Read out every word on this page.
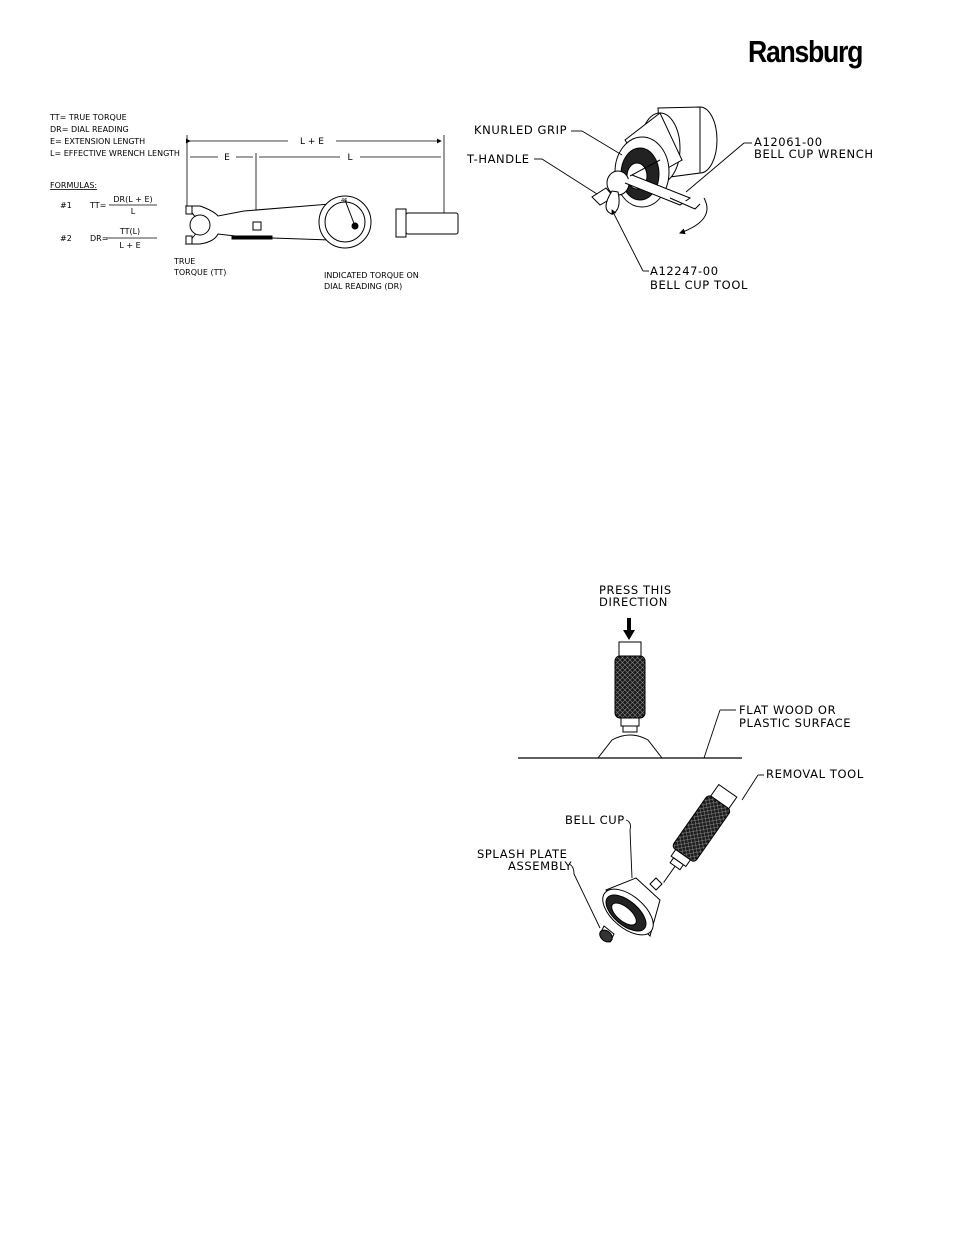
Ransburg
TT= TRUE TORQUE
DR= DIAL READING
E= EXTENSION LENGTH
L= EFFECTIVE WRENCH LENGTH
FORMULAS:
#1 TT=
DR(L + E)
L
#2 DR=
TT(L)
L + E
L + E
E	L
46
TRUE
TORQUE (TT)	INDICATED TORQUE ON
DIAL READING (DR)
KNURLED GRIP
T-HANDLE
A12061-00
BELL CUP WRENCH
A12247-00
BELL CUP TOOL
PRESS THIS
DIRECTION
FLAT WOOD OR
PLASTIC SURFACE
REMOVAL TOOL
BELL CUP
SPLASH PLATE
ASSEMBLY
